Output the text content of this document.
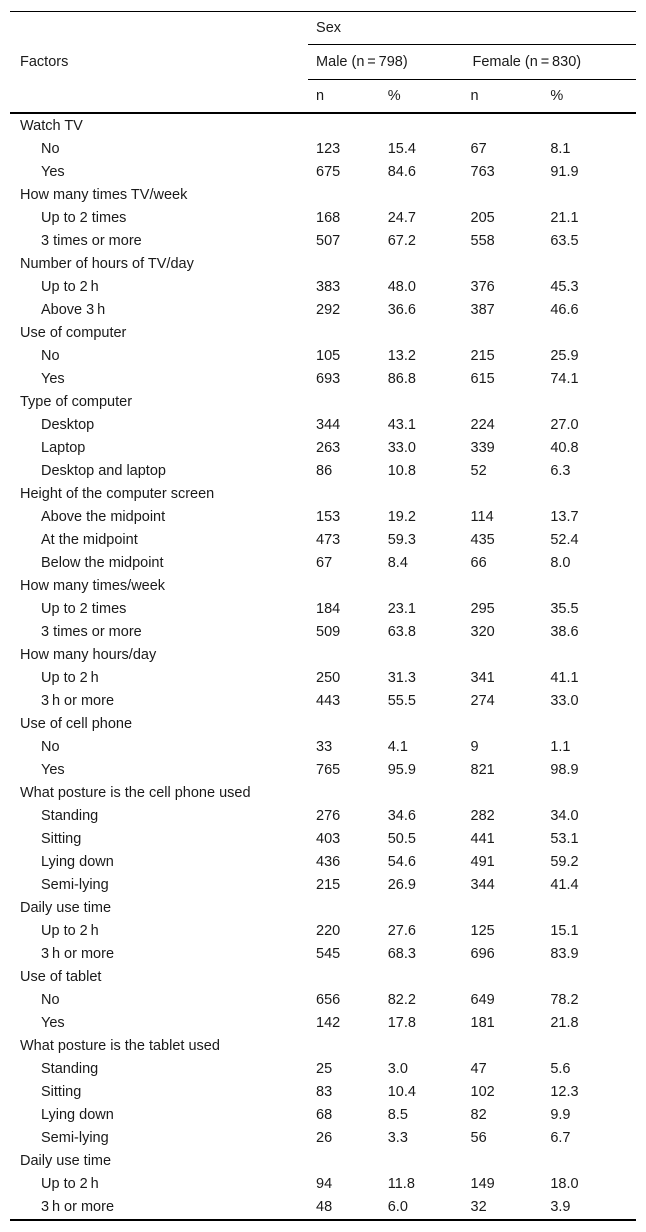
Factors	Sex			
	Male (n = 798)		Female (n = 830)	
	n	%	n	%
Watch TV				
No	123	15.4	67	8.1
Yes	675	84.6	763	91.9
How many times TV/week				
Up to 2 times	168	24.7	205	21.1
3 times or more	507	67.2	558	63.5
Number of hours of TV/day				
Up to 2 h	383	48.0	376	45.3
Above 3 h	292	36.6	387	46.6
Use of computer				
No	105	13.2	215	25.9
Yes	693	86.8	615	74.1
Type of computer				
Desktop	344	43.1	224	27.0
Laptop	263	33.0	339	40.8
Desktop and laptop	86	10.8	52	6.3
Height of the computer screen				
Above the midpoint	153	19.2	114	13.7
At the midpoint	473	59.3	435	52.4
Below the midpoint	67	8.4	66	8.0
How many times/week				
Up to 2 times	184	23.1	295	35.5
3 times or more	509	63.8	320	38.6
How many hours/day				
Up to 2 h	250	31.3	341	41.1
3 h or more	443	55.5	274	33.0
Use of cell phone				
No	33	4.1	9	1.1
Yes	765	95.9	821	98.9
What posture is the cell phone used				
Standing	276	34.6	282	34.0
Sitting	403	50.5	441	53.1
Lying down	436	54.6	491	59.2
Semi-lying	215	26.9	344	41.4
Daily use time				
Up to 2 h	220	27.6	125	15.1
3 h or more	545	68.3	696	83.9
Use of tablet				
No	656	82.2	649	78.2
Yes	142	17.8	181	21.8
What posture is the tablet used				
Standing	25	3.0	47	5.6
Sitting	83	10.4	102	12.3
Lying down	68	8.5	82	9.9
Semi-lying	26	3.3	56	6.7
Daily use time				
Up to 2 h	94	11.8	149	18.0
3 h or more	48	6.0	32	3.9
